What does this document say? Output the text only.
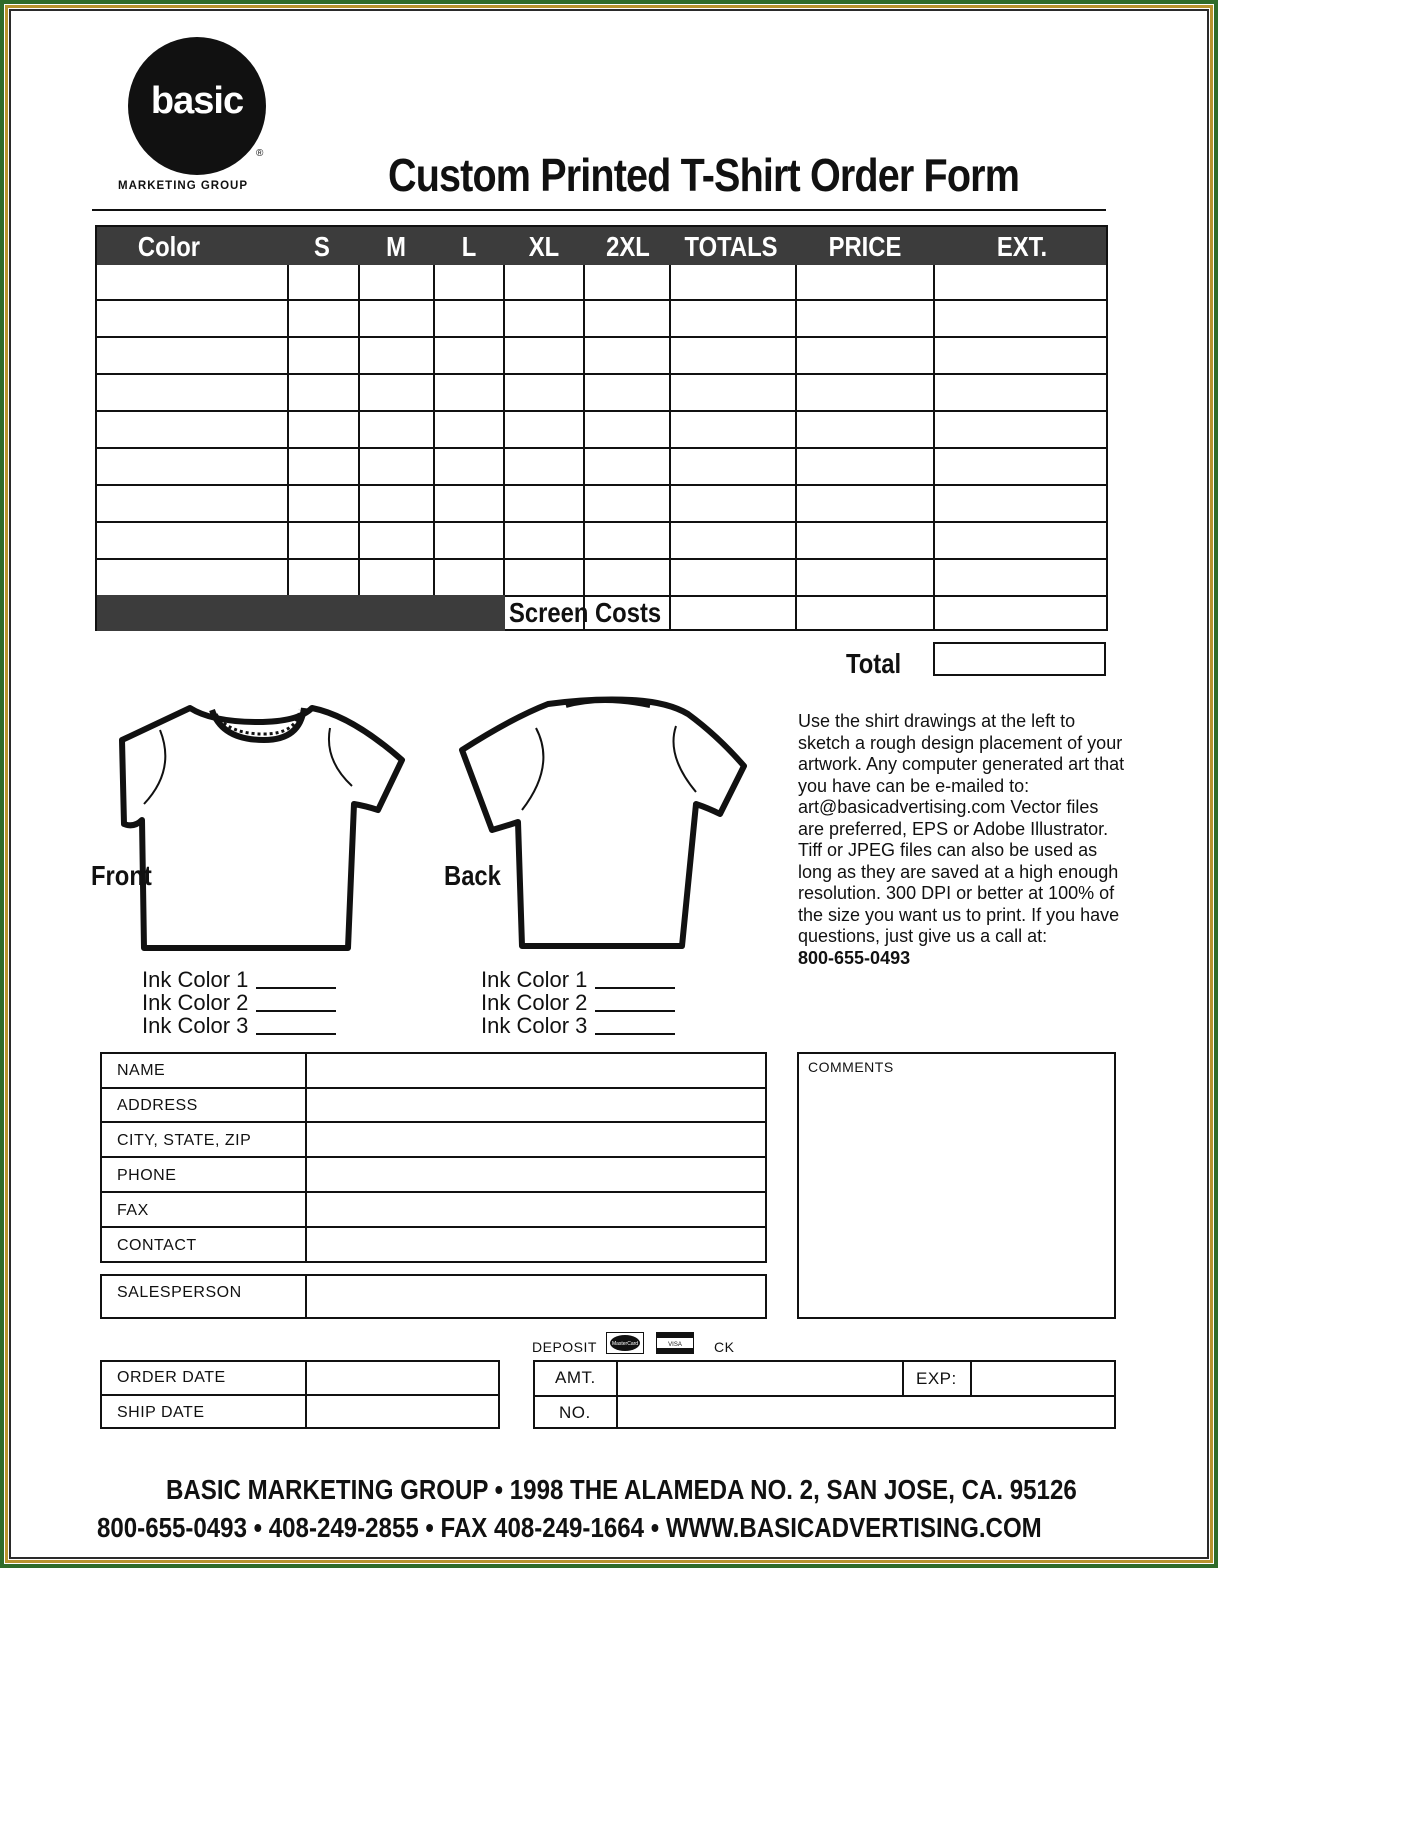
basic
®
MARKETING GROUP	Custom Printed T-Shirt Order Form
Color	S	M	L	XL	2XL	TOTALS	PRICE	EXT.
Screen Costs
Total
Front	Back
Ink Color 1
Ink Color 2
Ink Color 3
Ink Color 1
Ink Color 2
Ink Color 3
Use the shirt drawings at the left to sketch a rough design placement of your artwork. Any computer generated art that you have can be e-mailed to: art@basicadvertising.com Vector files are preferred, EPS or Adobe Illustrator. Tiff or JPEG files can also be used as long as they are saved at a high enough resolution. 300 DPI or better at 100% of the size you want us to print. If you have questions, just give us a call at:
800-655-0493
NAME
ADDRESS
CITY, STATE, ZIP
PHONE
FAX
CONTACT
SALESPERSON
COMMENTS
ORDER DATE
SHIP DATE
DEPOSIT	MasterCard	VISA CK
AMT.	EXP:
NO.
BASIC MARKETING GROUP • 1998 THE ALAMEDA NO. 2, SAN JOSE, CA. 95126
800-655-0493 • 408-249-2855 • FAX 408-249-1664 • WWW.BASICADVERTISING.COM
